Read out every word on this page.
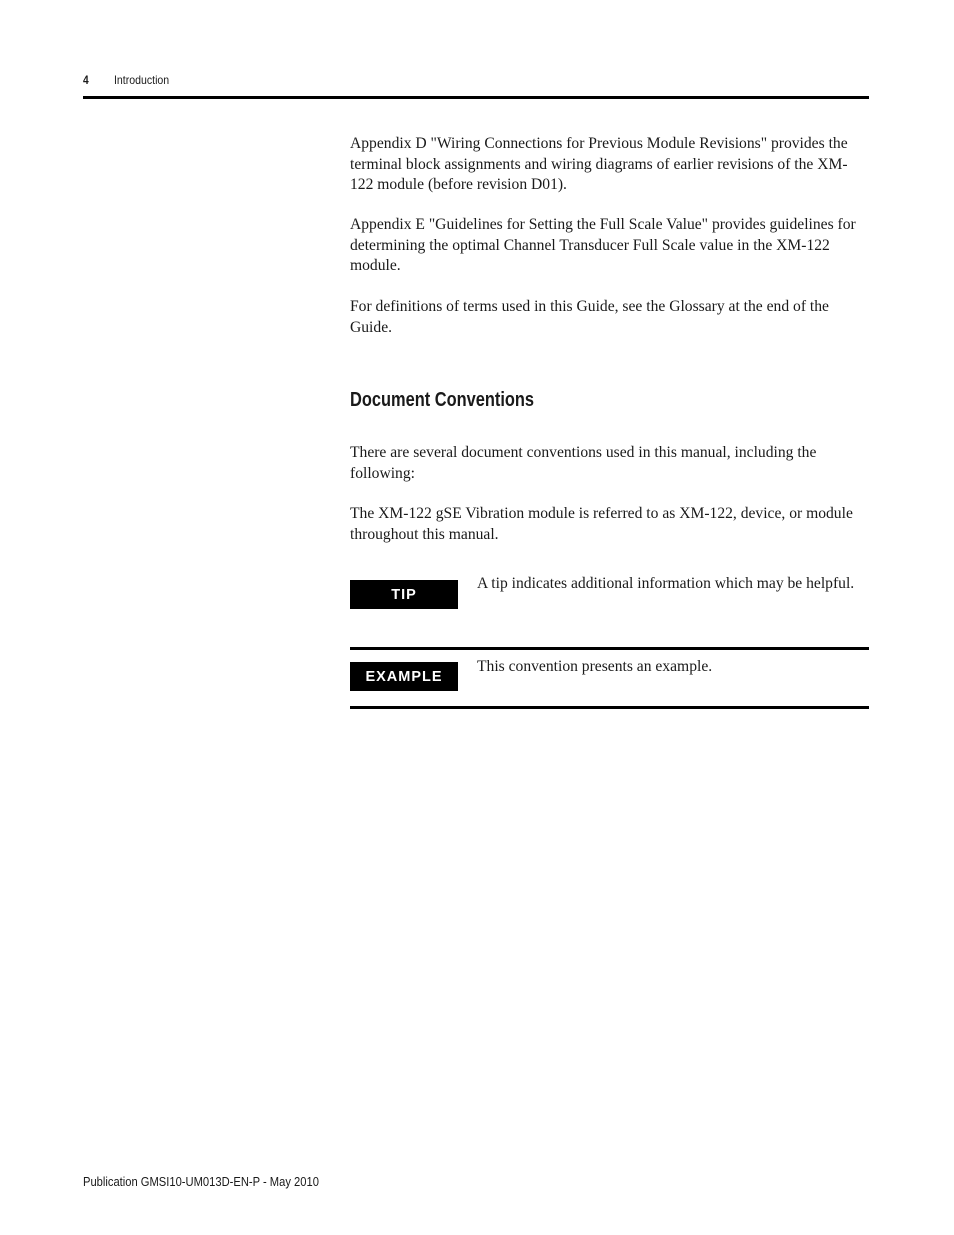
4 Introduction

Appendix D "Wiring Connections for Previous Module Revisions" provides the terminal block assignments and wiring diagrams of earlier revisions of the XM-122 module (before revision D01).

Appendix E "Guidelines for Setting the Full Scale Value" provides guidelines for determining the optimal Channel Transducer Full Scale value in the XM-122 module.

For definitions of terms used in this Guide, see the Glossary at the end of the Guide.

Document Conventions

There are several document conventions used in this manual, including the following:

The XM-122 gSE Vibration module is referred to as XM-122, device, or module throughout this manual.

TIP

A tip indicates additional information which may be helpful.

EXAMPLE

This convention presents an example.

Publication GMSI10-UM013D-EN-P - May 2010
